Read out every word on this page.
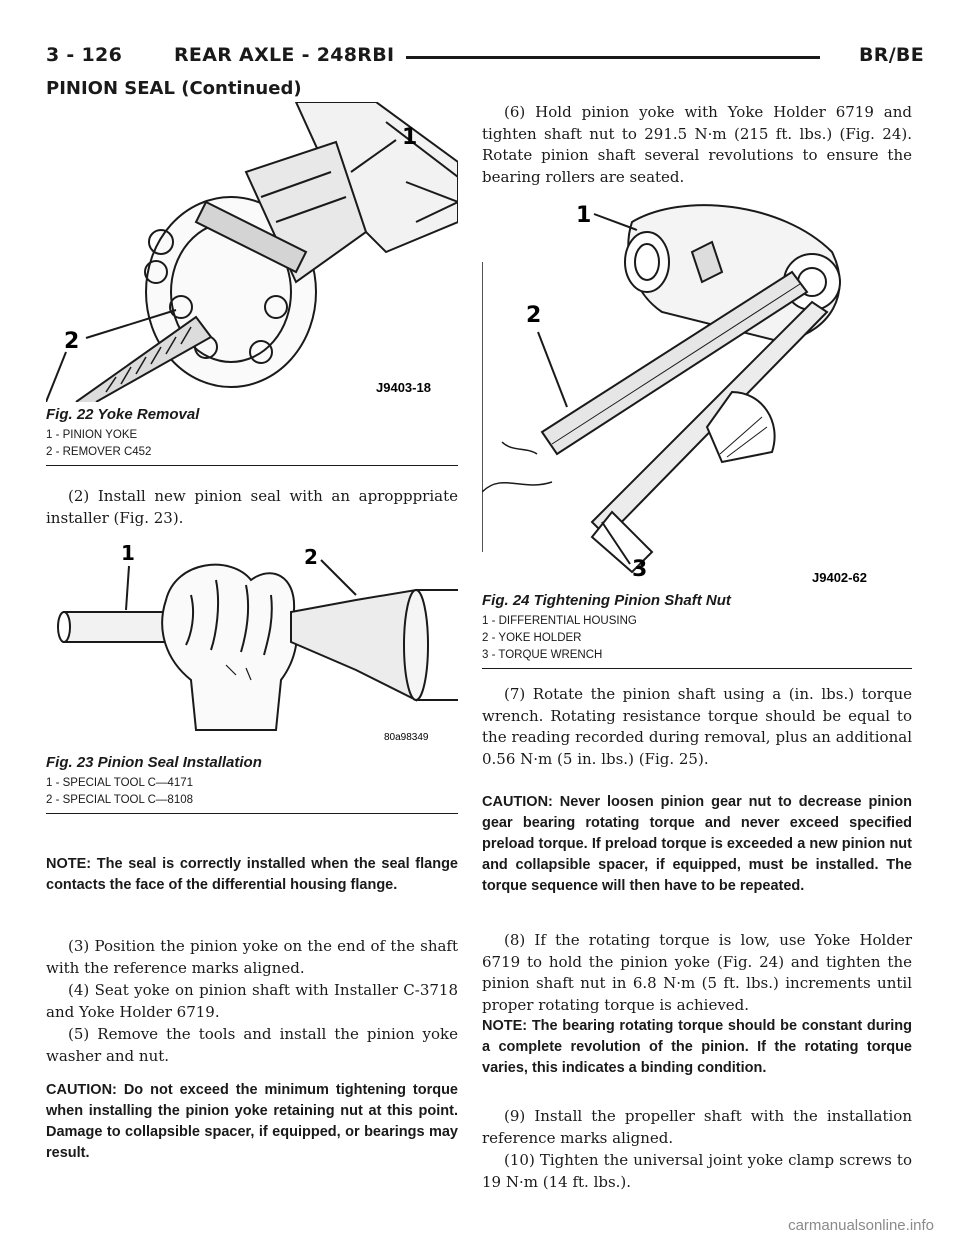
3 - 126	REAR AXLE - 248RBI	BR/BE
PINION SEAL (Continued)
1
2
J9403-18
Fig. 22 Yoke Removal
1 - PINION YOKE
2 - REMOVER C452

(2) Install new pinion seal with an apropppriate installer (Fig. 23).

1	2
80a98349
Fig. 23 Pinion Seal Installation
1 - SPECIAL TOOL C—4171
2 - SPECIAL TOOL C—8108

NOTE: The seal is correctly installed when the seal flange contacts the face of the differential housing flange.

(3) Position the pinion yoke on the end of the shaft with the reference marks aligned.

(4) Seat yoke on pinion shaft with Installer C-3718 and Yoke Holder 6719.

(5) Remove the tools and install the pinion yoke washer and nut.

CAUTION: Do not exceed the minimum tightening torque when installing the pinion yoke retaining nut at this point. Damage to collapsible spacer, if equipped, or bearings may result.

(6) Hold pinion yoke with Yoke Holder 6719 and tighten shaft nut to 291.5 N·m (215 ft. lbs.) (Fig. 24). Rotate pinion shaft several revolutions to ensure the bearing rollers are seated.

1
2
3	J9402-62
Fig. 24 Tightening Pinion Shaft Nut
1 - DIFFERENTIAL HOUSING
2 - YOKE HOLDER
3 - TORQUE WRENCH

(7) Rotate the pinion shaft using a (in. lbs.) torque wrench. Rotating resistance torque should be equal to the reading recorded during removal, plus an additional 0.56 N·m (5 in. lbs.) (Fig. 25).

CAUTION: Never loosen pinion gear nut to decrease pinion gear bearing rotating torque and never exceed specified preload torque. If preload torque is exceeded a new pinion nut and collapsible spacer, if equipped, must be installed. The torque sequence will then have to be repeated.

(8) If the rotating torque is low, use Yoke Holder 6719 to hold the pinion yoke (Fig. 24) and tighten the pinion shaft nut in 6.8 N·m (5 ft. lbs.) increments until proper rotating torque is achieved.

NOTE: The bearing rotating torque should be constant during a complete revolution of the pinion. If the rotating torque varies, this indicates a binding condition.

(9) Install the propeller shaft with the installation reference marks aligned.

(10) Tighten the universal joint yoke clamp screws to 19 N·m (14 ft. lbs.).

carmanualsonline.info
